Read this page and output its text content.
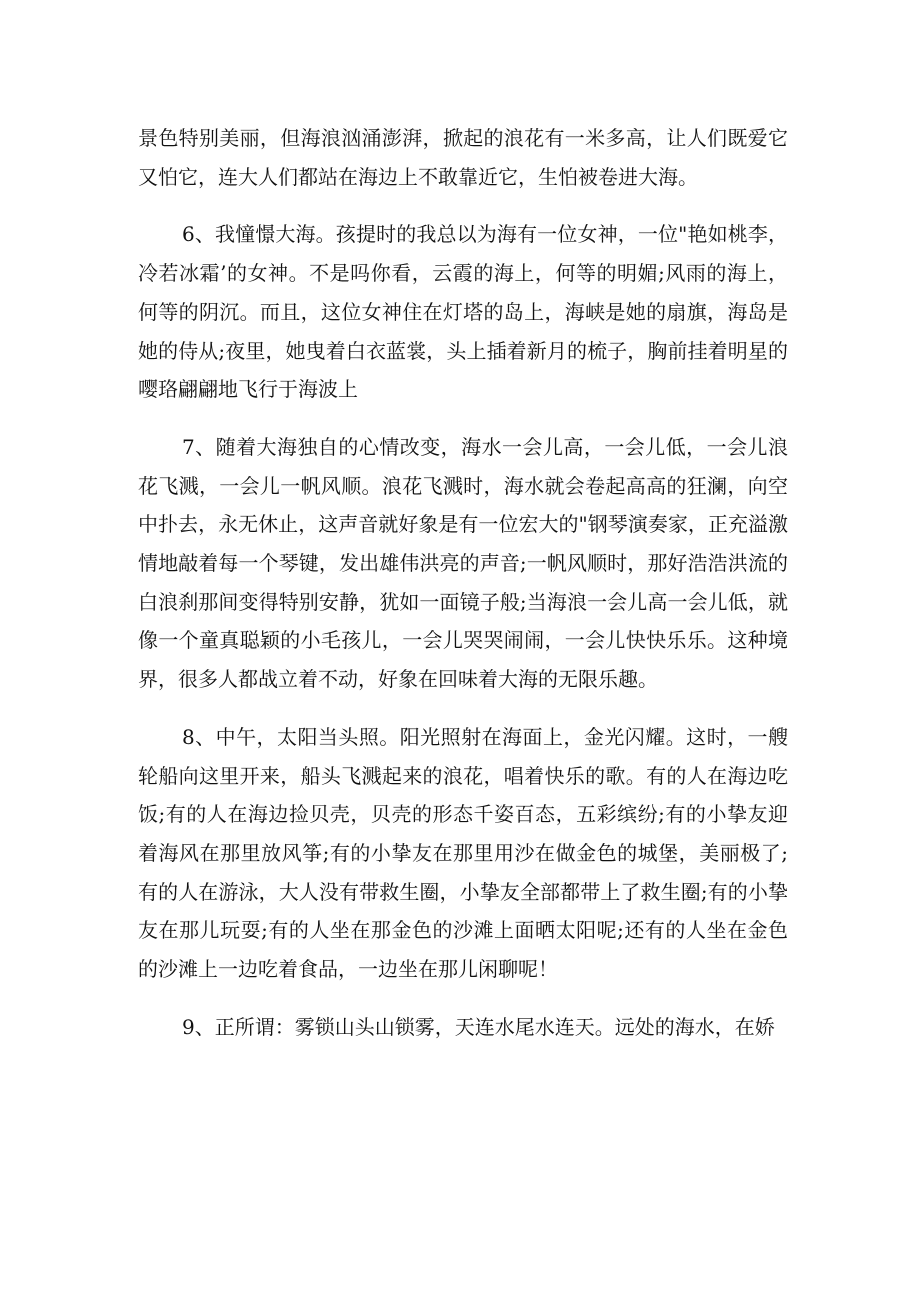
景色特别美丽，但海浪汹涌澎湃，掀起的浪花有一米多高，让人们既爱它又怕它，连大人们都站在海边上不敢靠近它，生怕被卷进大海。

6、我憧憬大海。孩提时的我总以为海有一位女神，一位"艳如桃李，冷若冰霜’的女神。不是吗你看，云霞的海上，何等的明媚;风雨的海上，何等的阴沉。而且，这位女神住在灯塔的岛上，海峡是她的扇旗，海岛是她的侍从;夜里，她曳着白衣蓝裳，头上插着新月的梳子，胸前挂着明星的嘤珞翩翩地飞行于海波上

7、随着大海独自的心情改变，海水一会儿高，一会儿低，一会儿浪花飞溅，一会儿一帆风顺。浪花飞溅时，海水就会卷起高高的狂澜，向空中扑去，永无休止，这声音就好象是有一位宏大的"钢琴演奏家，正充溢激情地敲着每一个琴键，发出雄伟洪亮的声音;一帆风顺时，那好浩浩洪流的白浪刹那间变得特别安静，犹如一面镜子般;当海浪一会儿高一会儿低，就像一个童真聪颖的小毛孩儿，一会儿哭哭闹闹，一会儿快快乐乐。这种境界，很多人都战立着不动，好象在回味着大海的无限乐趣。

8、中午，太阳当头照。阳光照射在海面上，金光闪耀。这时，一艘轮船向这里开来，船头飞溅起来的浪花，唱着快乐的歌。有的人在海边吃饭;有的人在海边捡贝壳，贝壳的形态千姿百态，五彩缤纷;有的小挚友迎着海风在那里放风筝;有的小挚友在那里用沙在做金色的城堡，美丽极了;有的人在游泳，大人没有带救生圈，小挚友全部都带上了救生圈;有的小挚友在那儿玩耍;有的人坐在那金色的沙滩上面晒太阳呢;还有的人坐在金色的沙滩上一边吃着食品，一边坐在那儿闲聊呢！

9、正所谓：雾锁山头山锁雾，天连水尾水连天。远处的海水，在娇
